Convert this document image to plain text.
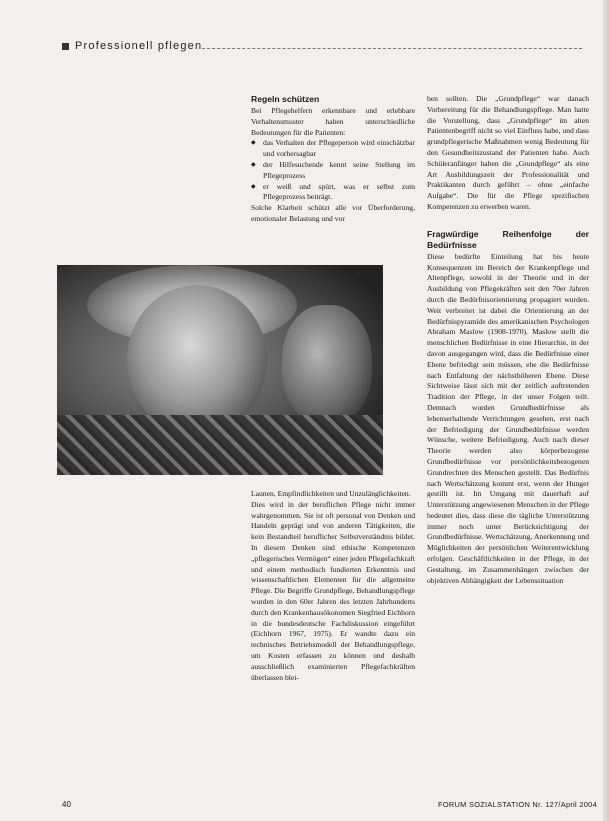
Professionell pflegen
Regeln schützen

Bei Pflegehelfern erkennbare und erlebbare Verhaltensmuster haben unterschiedliche Bedeutungen für die Patienten:

◆ das Verhalten der Pflegeperson wird einschätzbar und vorhersagbar
◆ der Hilfesuchende kennt seine Stellung im Pflegeprozess
◆ er weiß und spürt, was er selbst zum Pflegeprozess beiträgt.

Solche Klarheit schützt alle vor Überforderung, emotionaler Belastung und vor

Launen, Empfindlichkeiten und Unzulänglichkeiten.

Dies wird in der beruflichen Pflege nicht immer wahrgenommen. Sie ist oft personal von Denken und Handeln geprägt und von anderen Tätigkeiten, die kein Bestandteil beruflicher Selbstverständnis bildet. In diesem Denken sind ethische Kompetenzen „pflegerisches Vermögen“ einer jeden Pflegefachkraft und einem methodisch fundierten Erkenntnis und wissenschaftlichen Elementen für die allgemeine Pflege. Die Begriffe Grundpflege, Behandlungspflege wurden in den 60er Jahren des letzten Jahrhunderts durch den Krankenhausökonomen Siegfried Eichhorn in die bundesdeutsche Fachdiskussion eingeführt (Eichhorn 1967, 1975). Er wandte dazu ein technisches Betriebsmodell der Behandlungspflege, um Kosten erfassen zu können und deshalb ausschließlich examinierten Pflegefachkräften überlassen blei-

ben sollten. Die „Grundpflege“ war danach Vorbereitung für die Behandlungspflege. Man hatte die Vorstellung, dass „Grundpflege“ im alten Patientenbegriff nicht so viel Einfluss habe, und dass grundpflegerische Maßnahmen wenig Bedeutung für den Gesundheitszustand der Patienten habe. Auch Schüleranfänger haben die „Grundpflege“ als eine Art Ausbildungszeit der Professionalität und Praktikanten durch geführt – ohne „einfache Aufgabe“. Die für die Pflege spezifischen Kompetenzen zu erwerben waren.

Fragwürdige Reihenfolge der Bedürfnisse

Diese bedürfte Einteilung hat bis heute Konsequenzen im Bereich der Krankenpflege und Altenpflege, sowohl in der Theorie und in der Ausbildung von Pflegekräften seit den 70er Jahren durch die Bedürfnisorientierung propagiert wurden. Weit verbreitet ist dabei die Orientierung an der Bedürfnispyramide des amerikanischen Psychologen Abraham Maslow (1908-1970). Maslow stellt die menschlichen Bedürfnisse in eine Hierarchie, in der davon ausgegangen wird, dass die Bedürfnisse einer Ebene befriedigt sein müssen, ehe die Bedürfnisse nach Entfaltung der nächsthöheren Ebene. Diese Sichtweise lässt sich mit der zeitlich auftretenden Tradition der Pflege, in der unser Folgen teilt. Demnach wurden Grundbedürfnisse als lebenserhaltende Verrichtungen gesehen, erst nach der Befriedigung der Grundbedürfnisse werden Wünsche, weitere Befriedigung. Auch nach dieser Theorie werden also körperbezogene Grundbedürfnisse vor persönlichkeitsbezogenen Grundrechten des Menschen gestellt. Das Bedürfnis nach Wertschätzung kommt erst, wenn der Hunger gestillt ist. Im Umgang mit dauerhaft auf Unterstützung angewiesenen Menschen in der Pflege bedeutet dies, dass diese die tägliche Unterstützung immer noch unter Berücksichtigung der Grundbedürfnisse. Wertschätzung, Anerkennung und Möglichkeiten der persönlichen Weiterentwicklung erfolgen. Geschäftlichkeiten in der Pflege, in der Gestaltung, im Zusammenhängen zwischen der objektiven Abhängigkeit der Lebenssituation

40	FORUM SOZIALSTATION Nr. 127/April 2004
